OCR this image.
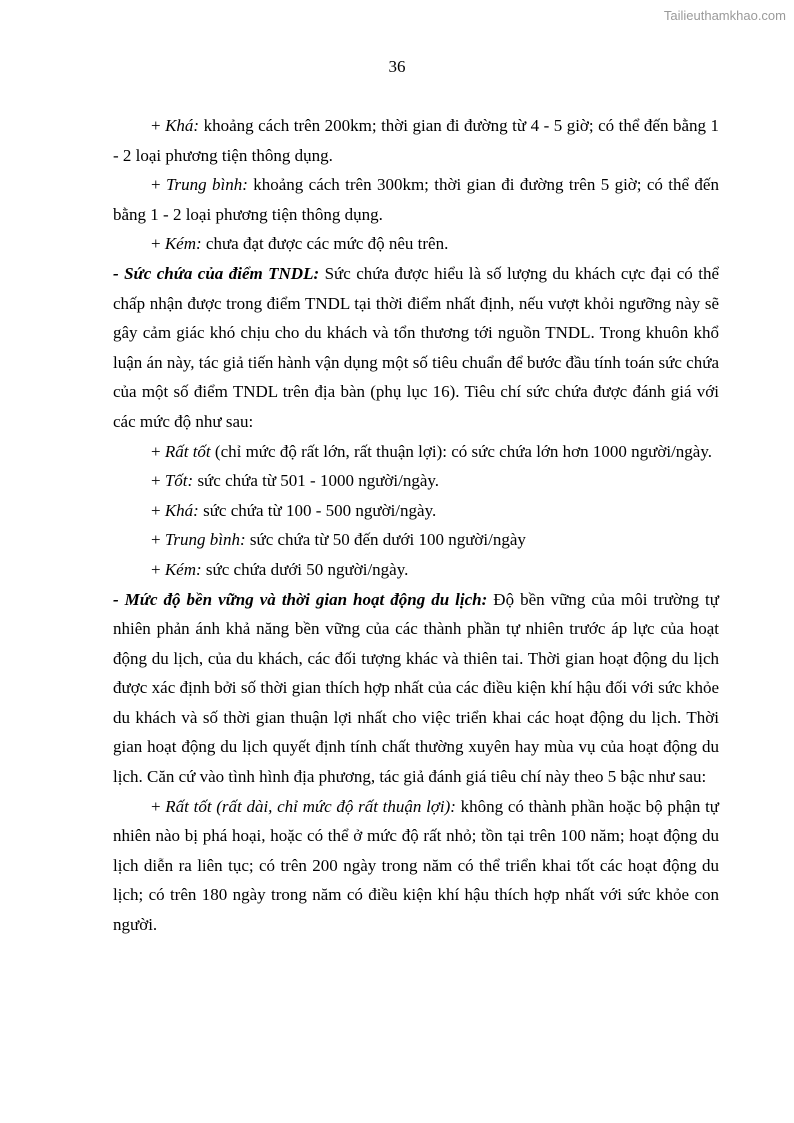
Tailieuthamkhao.com
36

+ Khá: khoảng cách trên 200km; thời gian đi đường từ 4 - 5 giờ; có thể đến bằng 1 - 2 loại phương tiện thông dụng.

+ Trung bình: khoảng cách trên 300km; thời gian đi đường trên 5 giờ; có thể đến bằng 1 - 2 loại phương tiện thông dụng.

+ Kém: chưa đạt được các mức độ nêu trên.

- Sức chứa của điểm TNDL: Sức chứa được hiểu là số lượng du khách cực đại có thể chấp nhận được trong điểm TNDL tại thời điểm nhất định, nếu vượt khỏi ngưỡng này sẽ gây cảm giác khó chịu cho du khách và tổn thương tới nguồn TNDL. Trong khuôn khổ luận án này, tác giả tiến hành vận dụng một số tiêu chuẩn để bước đầu tính toán sức chứa của một số điểm TNDL trên địa bàn (phụ lục 16). Tiêu chí sức chứa được đánh giá với các mức độ như sau:

+ Rất tốt (chỉ mức độ rất lớn, rất thuận lợi): có sức chứa lớn hơn 1000 người/ngày.

+ Tốt: sức chứa từ 501 - 1000 người/ngày.

+ Khá: sức chứa từ 100 - 500 người/ngày.

+ Trung bình: sức chứa từ 50 đến dưới 100 người/ngày

+ Kém: sức chứa dưới 50 người/ngày.

- Mức độ bền vững và thời gian hoạt động du lịch: Độ bền vững của môi trường tự nhiên phản ánh khả năng bền vững của các thành phần tự nhiên trước áp lực của hoạt động du lịch, của du khách, các đối tượng khác và thiên tai. Thời gian hoạt động du lịch được xác định bởi số thời gian thích hợp nhất của các điều kiện khí hậu đối với sức khỏe du khách và số thời gian thuận lợi nhất cho việc triển khai các hoạt động du lịch. Thời gian hoạt động du lịch quyết định tính chất thường xuyên hay mùa vụ của hoạt động du lịch. Căn cứ vào tình hình địa phương, tác giả đánh giá tiêu chí này theo 5 bậc như sau:

+ Rất tốt (rất dài, chỉ mức độ rất thuận lợi): không có thành phần hoặc bộ phận tự nhiên nào bị phá hoại, hoặc có thể ở mức độ rất nhỏ; tồn tại trên 100 năm; hoạt động du lịch diễn ra liên tục; có trên 200 ngày trong năm có thể triển khai tốt các hoạt động du lịch; có trên 180 ngày trong năm có điều kiện khí hậu thích hợp nhất với sức khỏe con người.
